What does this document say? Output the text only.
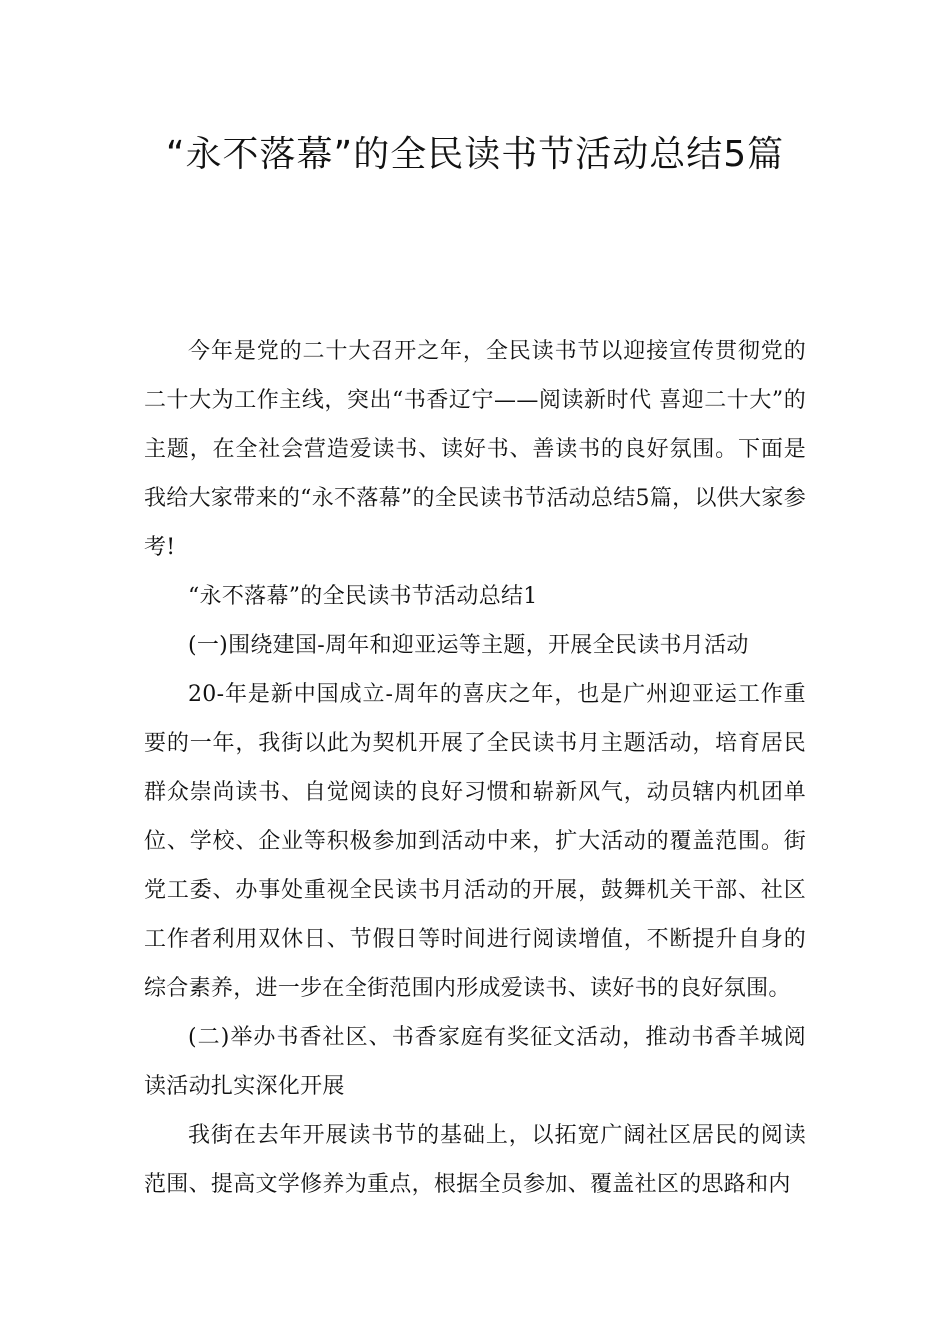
“永不落幕”的全民读书节活动总结5篇

今年是党的二十大召开之年，全民读书节以迎接宣传贯彻党的二十大为工作主线，突出“书香辽宁——阅读新时代 喜迎二十大”的主题，在全社会营造爱读书、读好书、善读书的良好氛围。下面是我给大家带来的“永不落幕”的全民读书节活动总结5篇，以供大家参考!

“永不落幕”的全民读书节活动总结1

(一)围绕建国-周年和迎亚运等主题，开展全民读书月活动

20-年是新中国成立-周年的喜庆之年，也是广州迎亚运工作重要的一年，我街以此为契机开展了全民读书月主题活动，培育居民群众崇尚读书、自觉阅读的良好习惯和崭新风气，动员辖内机团单位、学校、企业等积极参加到活动中来，扩大活动的覆盖范围。街党工委、办事处重视全民读书月活动的开展，鼓舞机关干部、社区工作者利用双休日、节假日等时间进行阅读增值，不断提升自身的综合素养，进一步在全街范围内形成爱读书、读好书的良好氛围。

(二)举办书香社区、书香家庭有奖征文活动，推动书香羊城阅读活动扎实深化开展

我街在去年开展读书节的基础上，以拓宽广阔社区居民的阅读范围、提高文学修养为重点，根据全员参加、覆盖社区的思路和内
